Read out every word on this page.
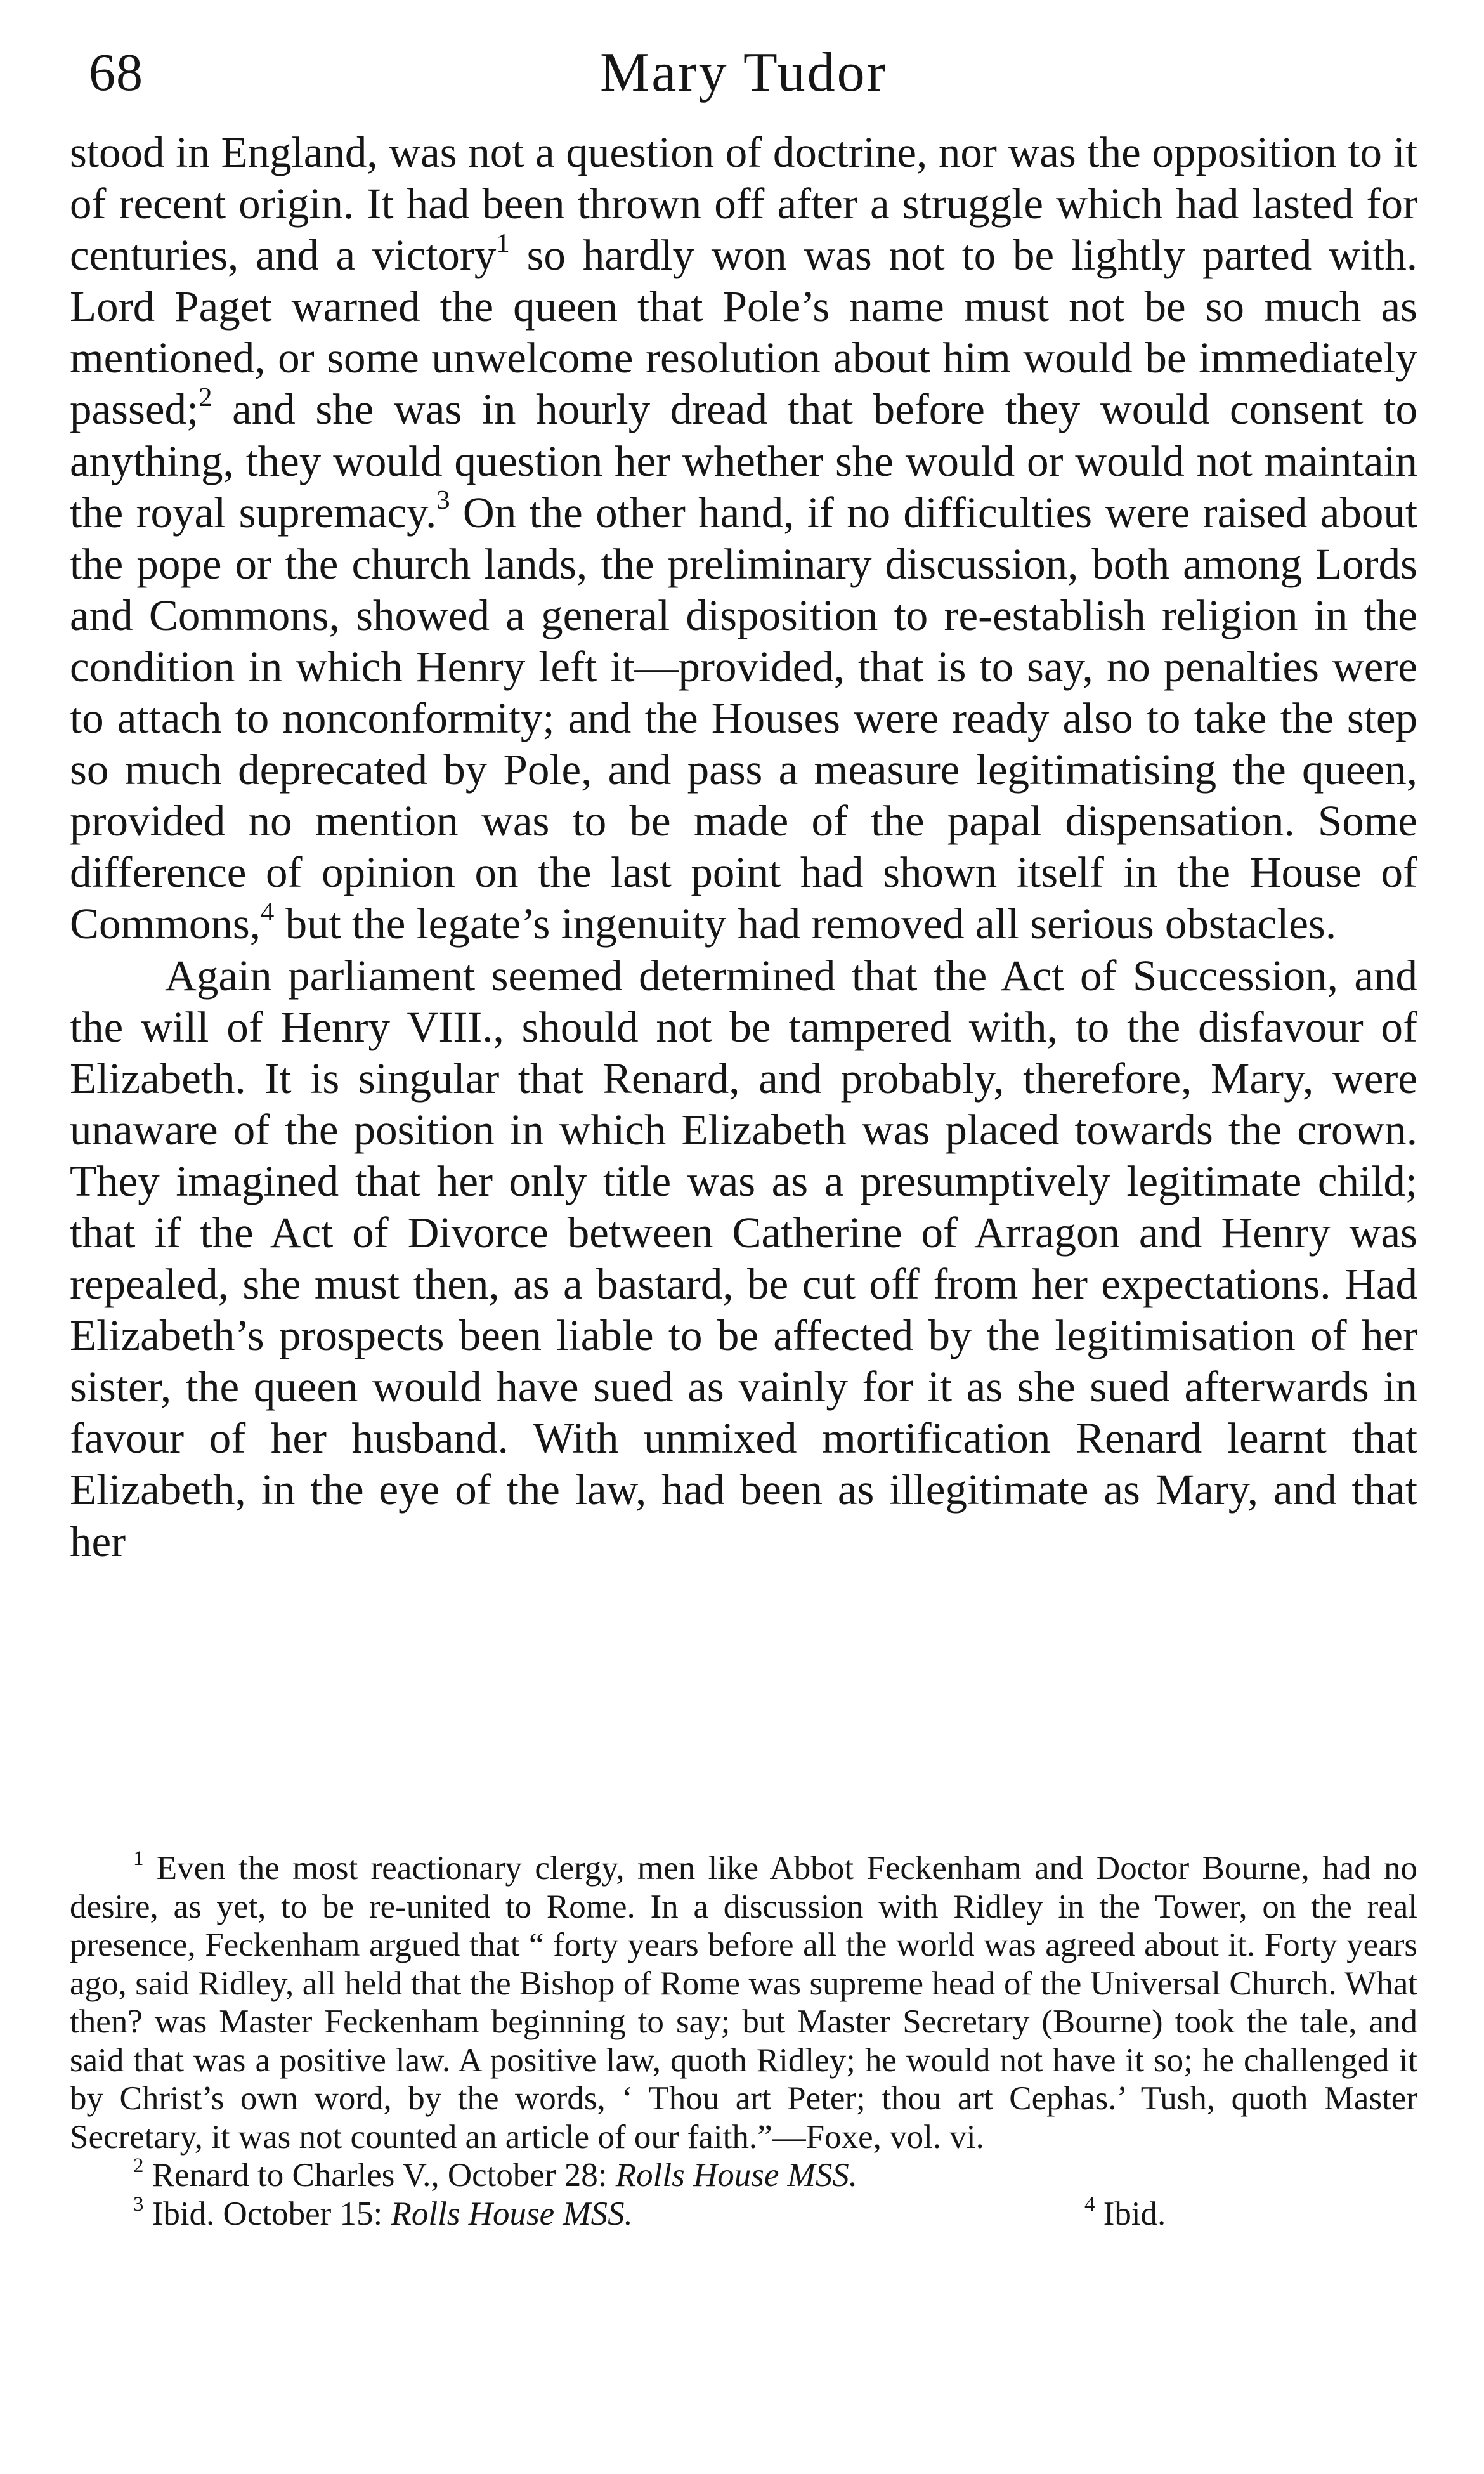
68	Mary Tudor

stood in England, was not a question of doctrine, nor was the opposition to it of recent origin. It had been thrown off after a struggle which had lasted for centuries, and a victory$^1$ so hardly won was not to be lightly parted with. Lord Paget warned the queen that Pole’s name must not be so much as mentioned, or some unwelcome resolution about him would be immediately passed;$^2$ and she was in hourly dread that before they would consent to anything, they would question her whether she would or would not maintain the royal supremacy.$^3$ On the other hand, if no difficulties were raised about the pope or the church lands, the preliminary discussion, both among Lords and Commons, showed a general disposition to re-establish religion in the condition in which Henry left it—provided, that is to say, no penalties were to attach to nonconformity; and the Houses were ready also to take the step so much deprecated by Pole, and pass a measure legitimatising the queen, provided no mention was to be made of the papal dispensation. Some difference of opinion on the last point had shown itself in the House of Commons,$^4$ but the legate’s ingenuity had removed all serious obstacles.

Again parliament seemed determined that the Act of Succession, and the will of Henry VIII., should not be tampered with, to the disfavour of Elizabeth. It is singular that Renard, and probably, therefore, Mary, were unaware of the position in which Elizabeth was placed towards the crown. They imagined that her only title was as a presumptively legitimate child; that if the Act of Divorce between Catherine of Arragon and Henry was repealed, she must then, as a bastard, be cut off from her expectations. Had Elizabeth’s prospects been liable to be affected by the legitimisation of her sister, the queen would have sued as vainly for it as she sued afterwards in favour of her husband. With unmixed mortification Renard learnt that Elizabeth, in the eye of the law, had been as illegitimate as Mary, and that her

$^1$ Even the most reactionary clergy, men like Abbot Feckenham and Doctor Bourne, had no desire, as yet, to be re-united to Rome. In a discussion with Ridley in the Tower, on the real presence, Feckenham argued that “ forty years before all the world was agreed about it. Forty years ago, said Ridley, all held that the Bishop of Rome was supreme head of the Universal Church. What then? was Master Feckenham beginning to say; but Master Secretary (Bourne) took the tale, and said that was a positive law. A positive law, quoth Ridley; he would not have it so; he challenged it by Christ’s own word, by the words, ‘ Thou art Peter; thou art Cephas.’ Tush, quoth Master Secretary, it was not counted an article of our faith.”—Foxe, vol. vi.

$^2$ Renard to Charles V., October 28: Rolls House MSS.

$^3$ Ibid. October 15: Rolls House MSS.	$^4$ Ibid.
